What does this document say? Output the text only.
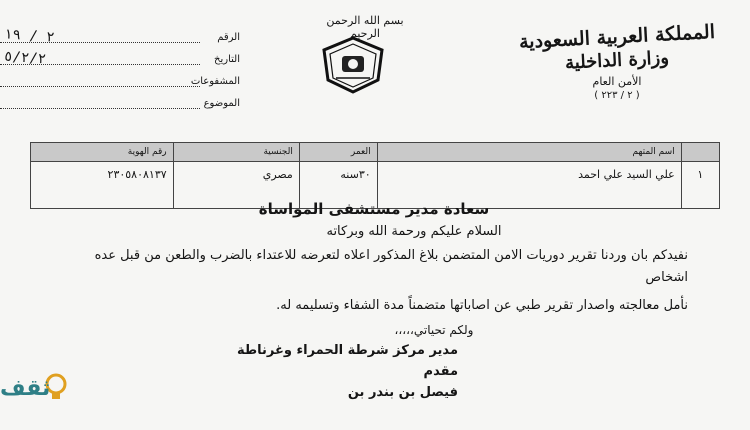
المملكة العربية السعودية
وزارة الداخلية
الأمن العام
( ٢ / ٢٢٣ )
بسم الله الرحمن الرحيم
الرقم
٢ / ١٩
التاريخ
٥/٢/٢
المشفوعات
الموضوع
	اسم المتهم	العمر	الجنسية	رقم الهوية
١	علي السيد علي احمد	٣٠سنه	مصري	٢٣٠٥٨٠٨١٣٧

سعادة مدير مستشفى المواساة

السلام عليكم ورحمة الله وبركاته

نفيدكم بان وردنا تقرير دوريات الامن المتضمن بلاغ المذكور اعلاه لتعرضه للاعتداء بالضرب والطعن من قبل عده اشخاص

نأمل معالجته واصدار تقرير طبي عن اصاباتها متضمناً مدة الشفاء وتسليمه له.

ولكم تحياتي،،،،،

مدير مركز شرطة الحمراء وغرناطة

مقدم

فيصل بن بندر بن

ثقف
